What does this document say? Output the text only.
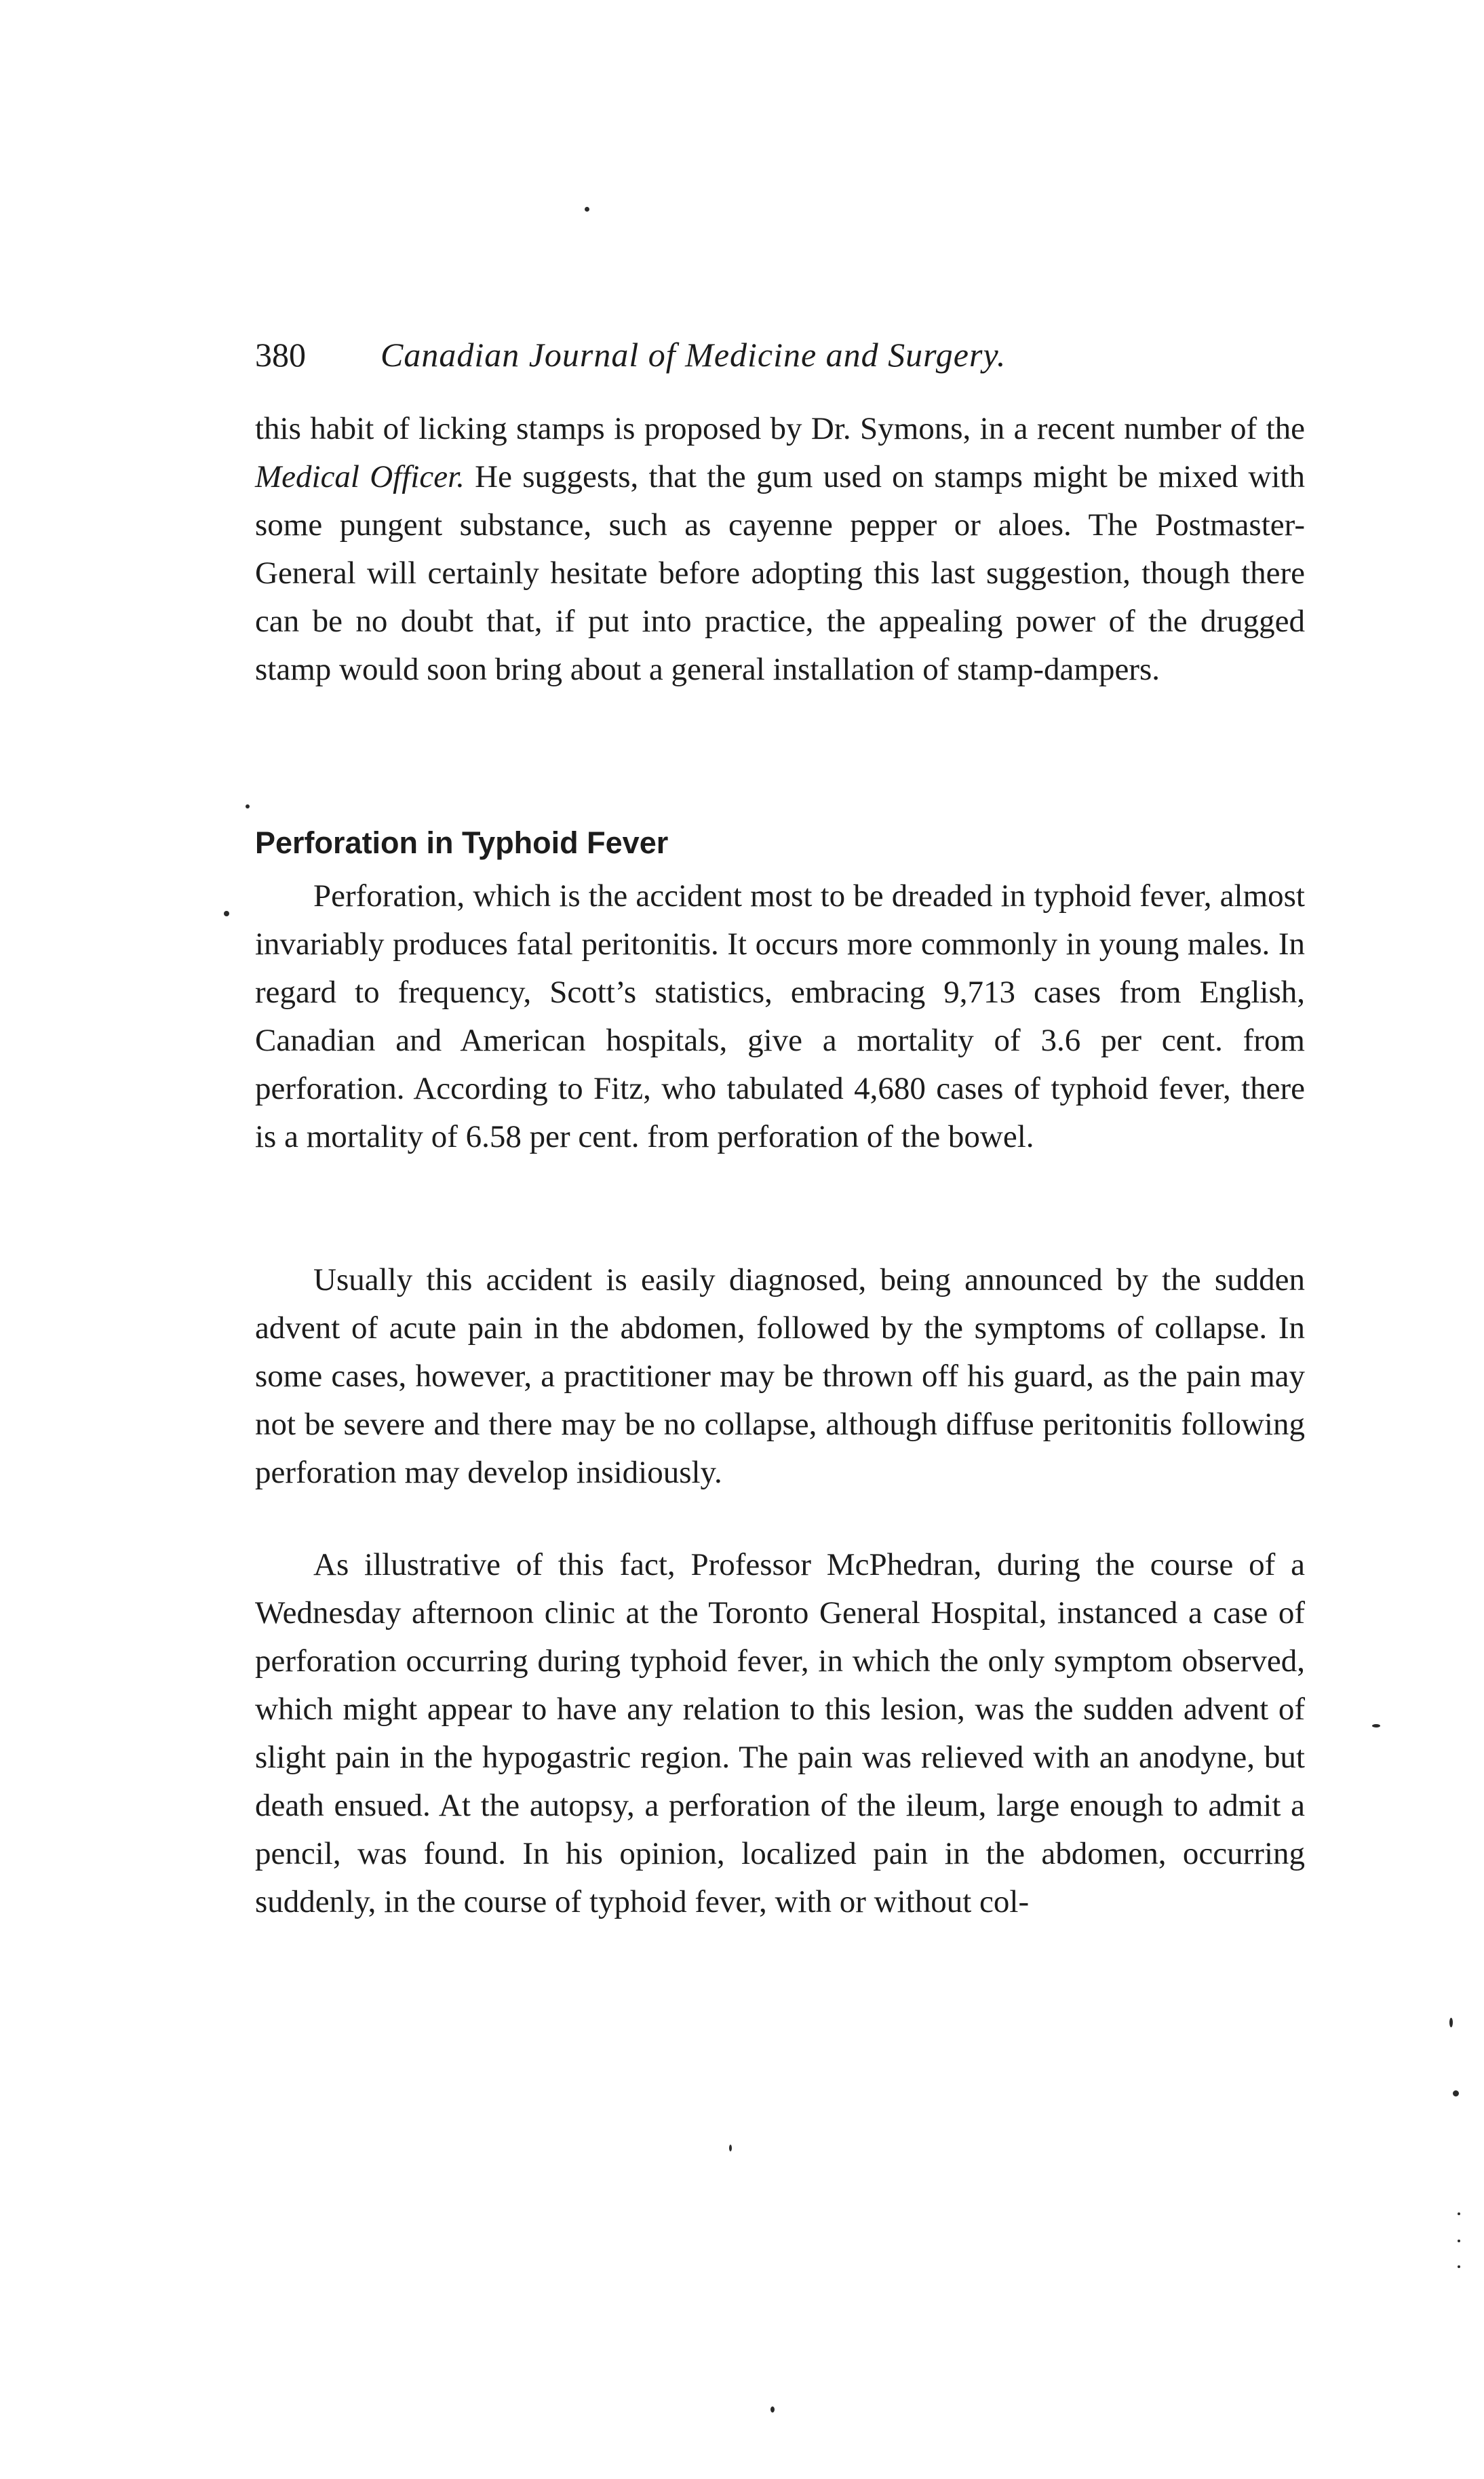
380 Canadian Journal of Medicine and Surgery.

this habit of licking stamps is proposed by Dr. Symons, in a recent number of the Medical Officer. He suggests, that the gum used on stamps might be mixed with some pungent substance, such as cayenne pepper or aloes. The Postmaster-General will certainly hesitate before adopting this last suggestion, though there can be no doubt that, if put into practice, the appealing power of the drugged stamp would soon bring about a general installation of stamp-dampers.

Perforation in Typhoid Fever

Perforation, which is the accident most to be dreaded in typhoid fever, almost invariably produces fatal peritonitis. It occurs more commonly in young males. In regard to frequency, Scott’s statistics, embracing 9,713 cases from English, Canadian and American hospitals, give a mortality of 3.6 per cent. from perforation. According to Fitz, who tabulated 4,680 cases of typhoid fever, there is a mortality of 6.58 per cent. from perforation of the bowel.

Usually this accident is easily diagnosed, being announced by the sudden advent of acute pain in the abdomen, followed by the symptoms of collapse. In some cases, however, a practitioner may be thrown off his guard, as the pain may not be severe and there may be no collapse, although diffuse peritonitis following perforation may develop insidiously.

As illustrative of this fact, Professor McPhedran, during the course of a Wednesday afternoon clinic at the Toronto General Hospital, instanced a case of perforation occurring during typhoid fever, in which the only symptom observed, which might appear to have any relation to this lesion, was the sudden advent of slight pain in the hypogastric region. The pain was relieved with an anodyne, but death ensued. At the autopsy, a perforation of the ileum, large enough to admit a pencil, was found. In his opinion, localized pain in the abdomen, occurring suddenly, in the course of typhoid fever, with or without col-
